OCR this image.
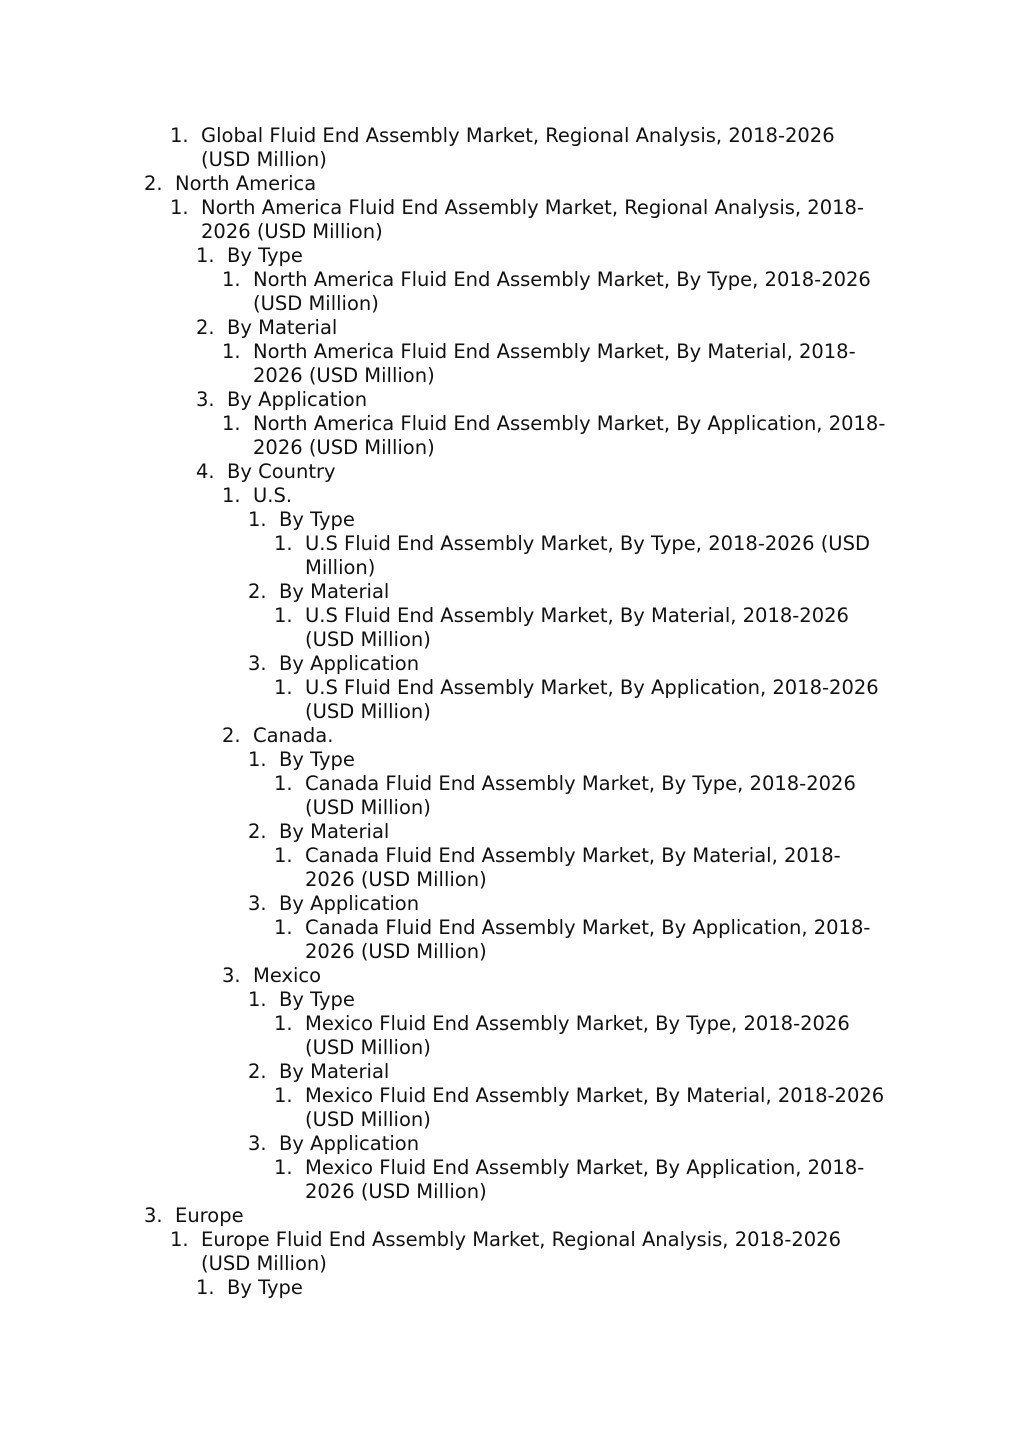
1. Global Fluid End Assembly Market, Regional Analysis, 2018-2026
(USD Million)
2. North America
1. North America Fluid End Assembly Market, Regional Analysis, 2018-
2026 (USD Million)
1. By Type
1. North America Fluid End Assembly Market, By Type, 2018-2026
(USD Million)
2. By Material
1. North America Fluid End Assembly Market, By Material, 2018-
2026 (USD Million)
3. By Application
1. North America Fluid End Assembly Market, By Application, 2018-
2026 (USD Million)
4. By Country
1. U.S.
1. By Type
1. U.S Fluid End Assembly Market, By Type, 2018-2026 (USD
Million)
2. By Material
1. U.S Fluid End Assembly Market, By Material, 2018-2026
(USD Million)
3. By Application
1. U.S Fluid End Assembly Market, By Application, 2018-2026
(USD Million)
2. Canada.
1. By Type
1. Canada Fluid End Assembly Market, By Type, 2018-2026
(USD Million)
2. By Material
1. Canada Fluid End Assembly Market, By Material, 2018-
2026 (USD Million)
3. By Application
1. Canada Fluid End Assembly Market, By Application, 2018-
2026 (USD Million)
3. Mexico
1. By Type
1. Mexico Fluid End Assembly Market, By Type, 2018-2026
(USD Million)
2. By Material
1. Mexico Fluid End Assembly Market, By Material, 2018-2026
(USD Million)
3. By Application
1. Mexico Fluid End Assembly Market, By Application, 2018-
2026 (USD Million)
3. Europe
1. Europe Fluid End Assembly Market, Regional Analysis, 2018-2026
(USD Million)
1. By Type
